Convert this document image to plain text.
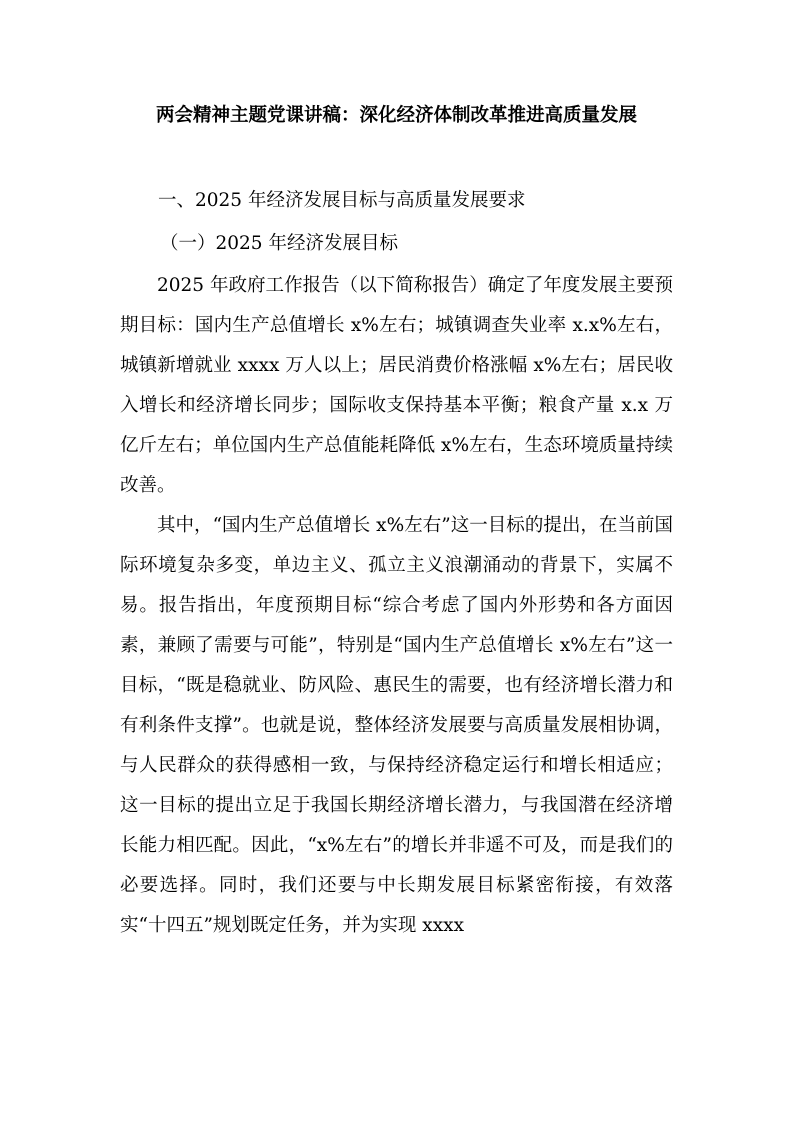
两会精神主题党课讲稿：深化经济体制改革推进高质量发展
一、2025 年经济发展目标与高质量发展要求
（一）2025 年经济发展目标

2025 年政府工作报告（以下简称报告）确定了年度发展主要预期目标：国内生产总值增长 x%左右；城镇调查失业率 x.x%左右，城镇新增就业 xxxx 万人以上；居民消费价格涨幅 x%左右；居民收入增长和经济增长同步；国际收支保持基本平衡；粮食产量 x.x 万亿斤左右；单位国内生产总值能耗降低 x%左右，生态环境质量持续改善。

其中，“国内生产总值增长 x%左右”这一目标的提出，在当前国际环境复杂多变，单边主义、孤立主义浪潮涌动的背景下，实属不易。报告指出，年度预期目标“综合考虑了国内外形势和各方面因素，兼顾了需要与可能”，特别是“国内生产总值增长 x%左右”这一目标，“既是稳就业、防风险、惠民生的需要，也有经济增长潜力和有利条件支撑”。也就是说，整体经济发展要与高质量发展相协调，与人民群众的获得感相一致，与保持经济稳定运行和增长相适应；这一目标的提出立足于我国长期经济增长潜力，与我国潜在经济增长能力相匹配。因此，“x%左右”的增长并非遥不可及，而是我们的必要选择。同时，我们还要与中长期发展目标紧密衔接，有效落实“十四五”规划既定任务，并为实现 xxxx
